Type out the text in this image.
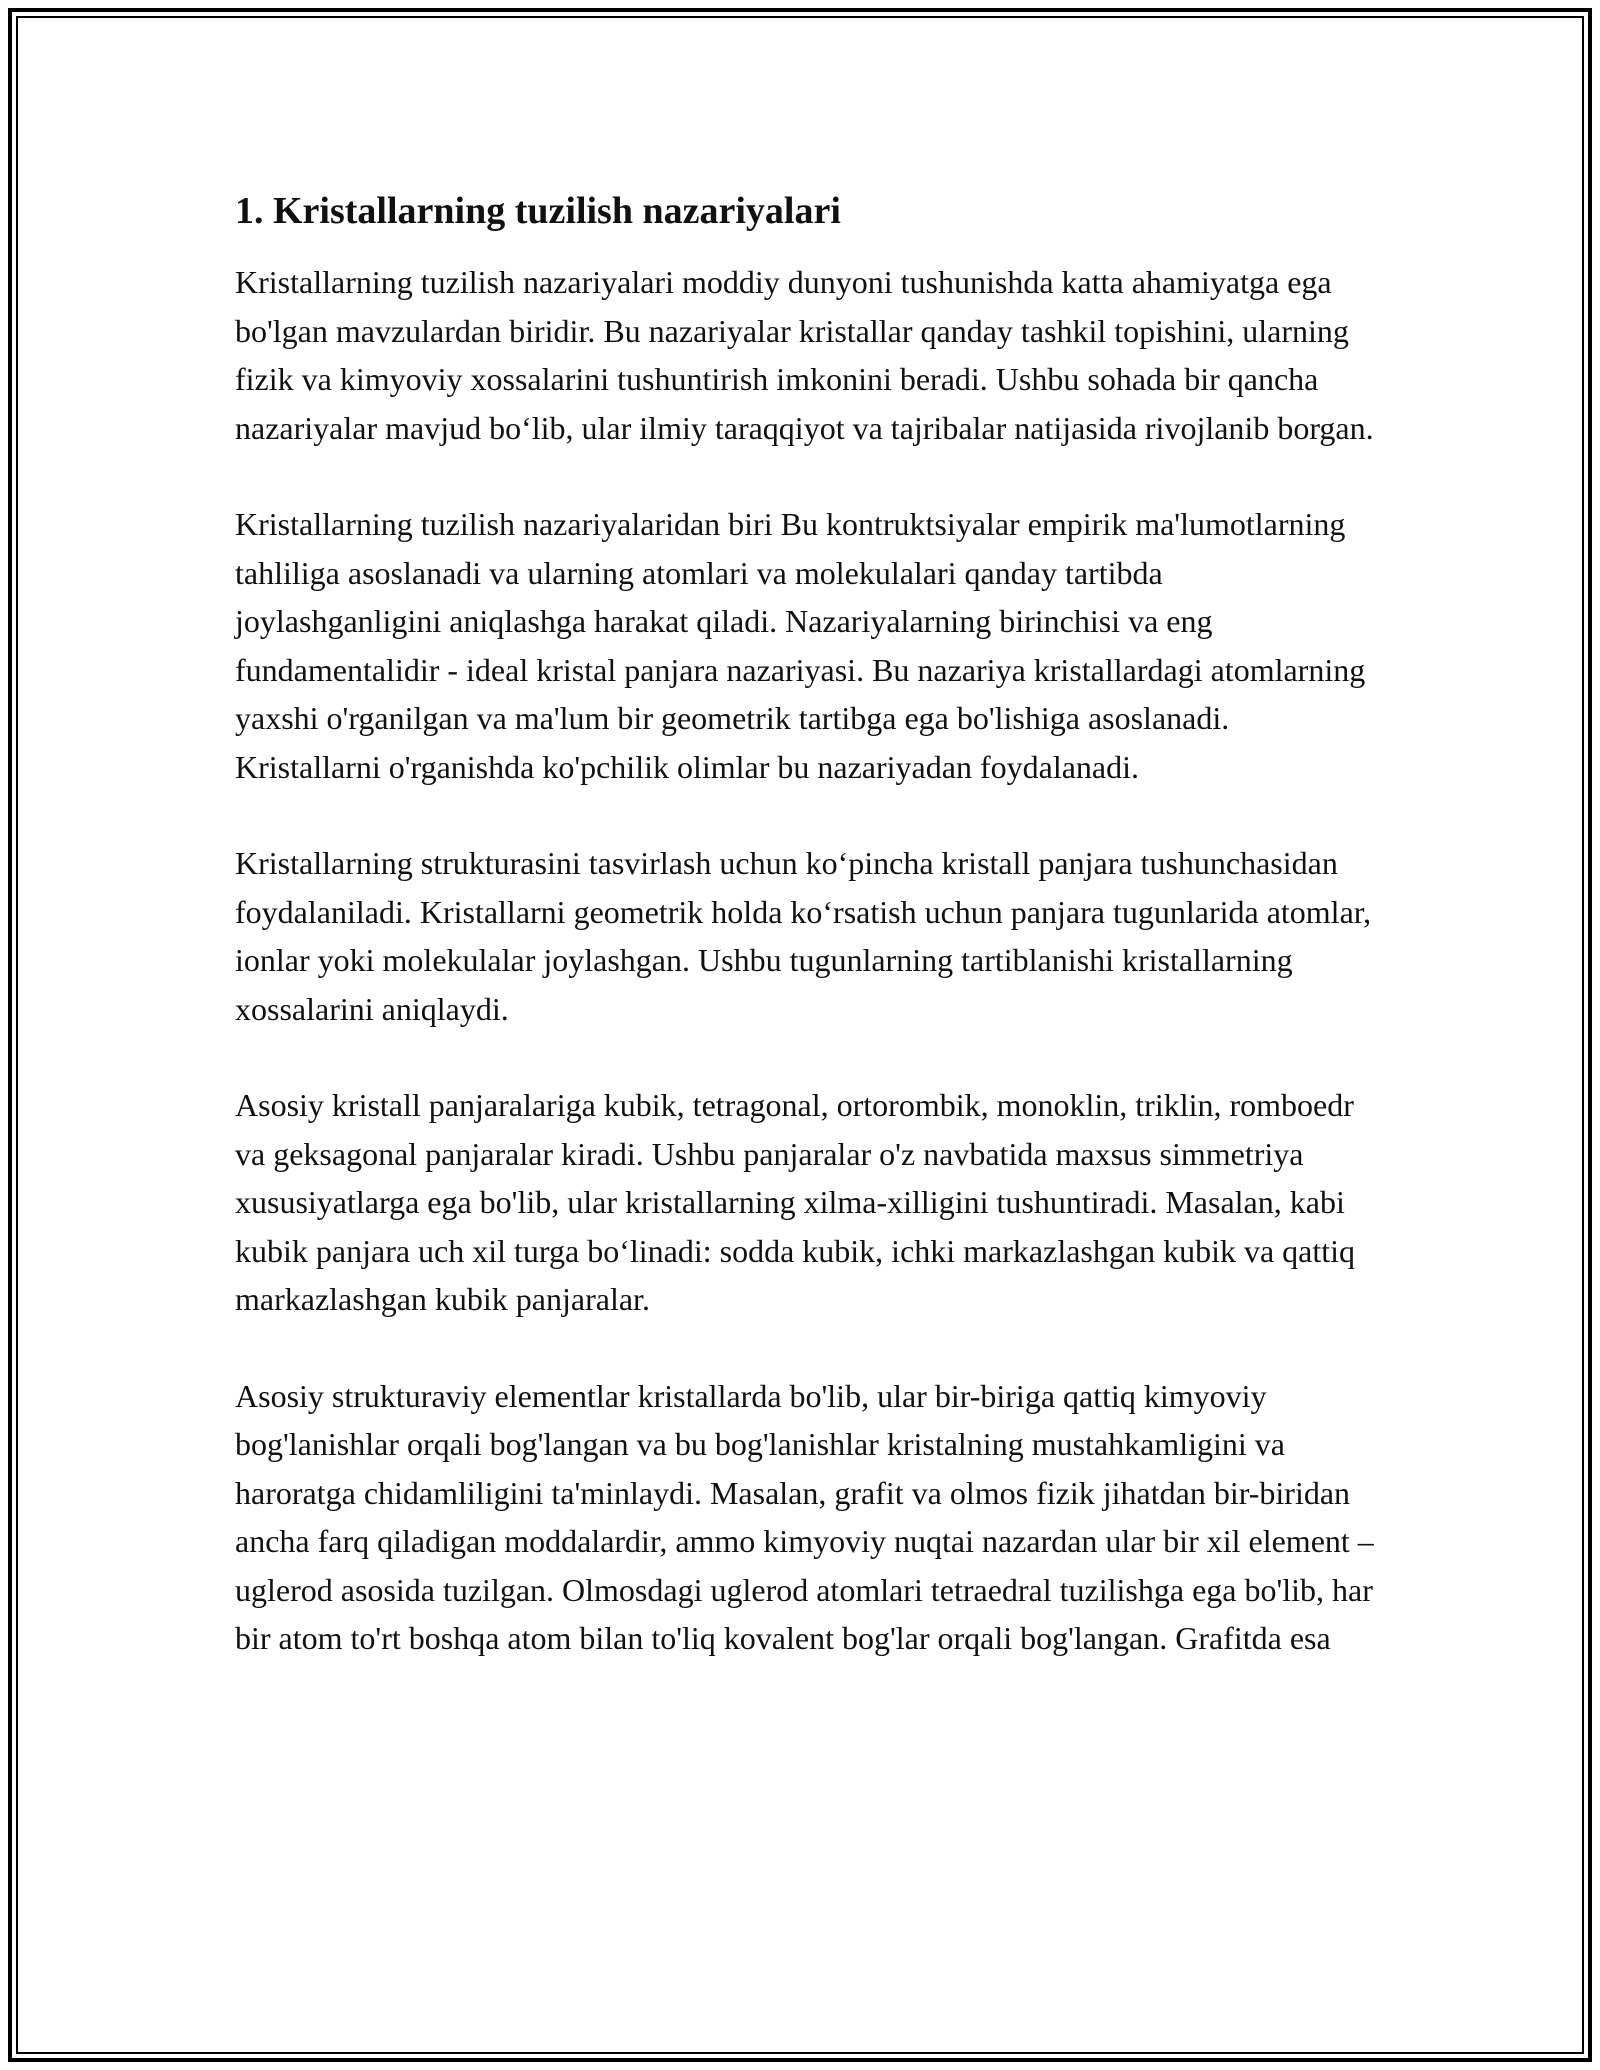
1. Kristallarning tuzilish nazariyalari

Kristallarning tuzilish nazariyalari moddiy dunyoni tushunishda katta ahamiyatga ega bo'lgan mavzulardan biridir. Bu nazariyalar kristallar qanday tashkil topishini, ularning fizik va kimyoviy xossalarini tushuntirish imkonini beradi. Ushbu sohada bir qancha nazariyalar mavjud bo‘lib, ular ilmiy taraqqiyot va tajribalar natijasida rivojlanib borgan.

Kristallarning tuzilish nazariyalaridan biri Bu kontruktsiyalar empirik ma'lumotlarning tahliliga asoslanadi va ularning atomlari va molekulalari qanday tartibda joylashganligini aniqlashga harakat qiladi. Nazariyalarning birinchisi va eng fundamentalidir - ideal kristal panjara nazariyasi. Bu nazariya kristallardagi atomlarning yaxshi o'rganilgan va ma'lum bir geometrik tartibga ega bo'lishiga asoslanadi. Kristallarni o'rganishda ko'pchilik olimlar bu nazariyadan foydalanadi.

Kristallarning strukturasini tasvirlash uchun ko‘pincha kristall panjara tushunchasidan foydalaniladi. Kristallarni geometrik holda ko‘rsatish uchun panjara tugunlarida atomlar, ionlar yoki molekulalar joylashgan. Ushbu tugunlarning tartiblanishi kristallarning xossalarini aniqlaydi.

Asosiy kristall panjaralariga kubik, tetragonal, ortorombik, monoklin, triklin, romboedr va geksagonal panjaralar kiradi. Ushbu panjaralar o'z navbatida maxsus simmetriya xususiyatlarga ega bo'lib, ular kristallarning xilma-xilligini tushuntiradi. Masalan, kabi kubik panjara uch xil turga bo‘linadi: sodda kubik, ichki markazlashgan kubik va qattiq markazlashgan kubik panjaralar.

Asosiy strukturaviy elementlar kristallarda bo'lib, ular bir-biriga qattiq kimyoviy bog'lanishlar orqali bog'langan va bu bog'lanishlar kristalning mustahkamligini va haroratga chidamliligini ta'minlaydi. Masalan, grafit va olmos fizik jihatdan bir-biridan ancha farq qiladigan moddalardir, ammo kimyoviy nuqtai nazardan ular bir xil element – uglerod asosida tuzilgan. Olmosdagi uglerod atomlari tetraedral tuzilishga ega bo'lib, har bir atom to'rt boshqa atom bilan to'liq kovalent bog'lar orqali bog'langan. Grafitda esa
